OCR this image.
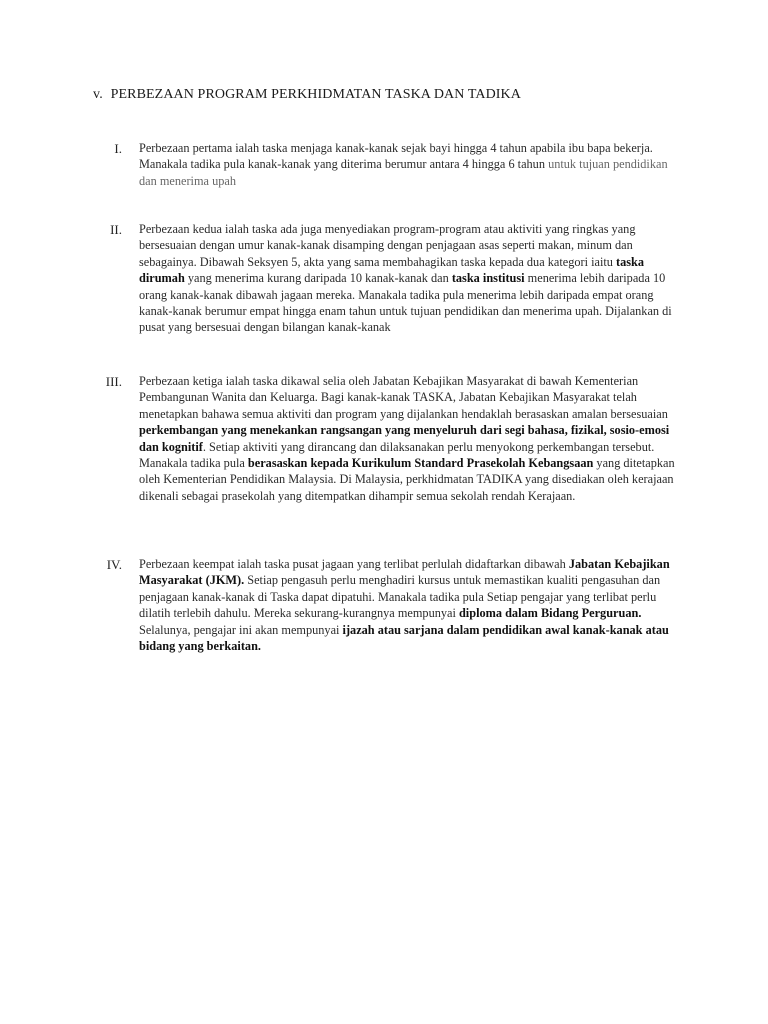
v. PERBEZAAN PROGRAM PERKHIDMATAN TASKA DAN TADIKA
I. Perbezaan pertama ialah taska menjaga kanak-kanak sejak bayi hingga 4 tahun apabila ibu bapa bekerja. Manakala tadika pula kanak-kanak yang diterima berumur antara 4 hingga 6 tahun untuk tujuan pendidikan dan menerima upah
II. Perbezaan kedua ialah taska ada juga menyediakan program-program atau aktiviti yang ringkas yang bersesuaian dengan umur kanak-kanak disamping dengan penjagaan asas seperti makan, minum dan sebagainya. Dibawah Seksyen 5, akta yang sama membahagikan taska kepada dua kategori iaitu taska dirumah yang menerima kurang daripada 10 kanak-kanak dan taska institusi menerima lebih daripada 10 orang kanak-kanak dibawah jagaan mereka. Manakala tadika pula menerima lebih daripada empat orang kanak-kanak berumur empat hingga enam tahun untuk tujuan pendidikan dan menerima upah. Dijalankan di pusat yang bersesuai dengan bilangan kanak-kanak
III. Perbezaan ketiga ialah taska dikawal selia oleh Jabatan Kebajikan Masyarakat di bawah Kementerian Pembangunan Wanita dan Keluarga. Bagi kanak-kanak TASKA, Jabatan Kebajikan Masyarakat telah menetapkan bahawa semua aktiviti dan program yang dijalankan hendaklah berasaskan amalan bersesuaian perkembangan yang menekankan rangsangan yang menyeluruh dari segi bahasa, fizikal, sosio-emosi dan kognitif. Setiap aktiviti yang dirancang dan dilaksanakan perlu menyokong perkembangan tersebut. Manakala tadika pula berasaskan kepada Kurikulum Standard Prasekolah Kebangsaan yang ditetapkan oleh Kementerian Pendidikan Malaysia. Di Malaysia, perkhidmatan TADIKA yang disediakan oleh kerajaan dikenali sebagai prasekolah yang ditempatkan dihampir semua sekolah rendah Kerajaan.
IV. Perbezaan keempat ialah taska pusat jagaan yang terlibat perlulah didaftarkan dibawah Jabatan Kebajikan Masyarakat (JKM). Setiap pengasuh perlu menghadiri kursus untuk memastikan kualiti pengasuhan dan penjagaan kanak-kanak di Taska dapat dipatuhi. Manakala tadika pula Setiap pengajar yang terlibat perlu dilatih terlebih dahulu. Mereka sekurang-kurangnya mempunyai diploma dalam Bidang Perguruan. Selalunya, pengajar ini akan mempunyai ijazah atau sarjana dalam pendidikan awal kanak-kanak atau bidang yang berkaitan.
